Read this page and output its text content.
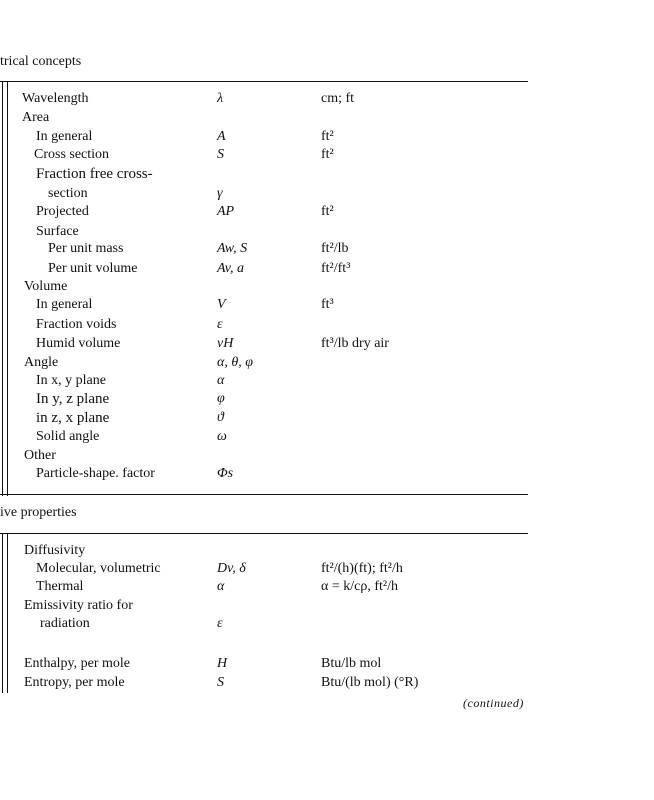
trical concepts
Wavelength	λ	cm; ft
Area
In general	A	ft²
Cross section	S	ft²
Fraction free cross-
section	γ
Projected	AP	ft²
Surface
Per unit mass	Aw, S	ft²/lb
Per unit volume	Av, a	ft²/ft³
Volume
In general	V	ft³
Fraction voids	ε
Humid volume	vH	ft³/lb dry air
Angle	α, θ, φ
In x, y plane	α
In y, z plane	φ
in z, x plane	ϑ
Solid angle	ω
Other
Particle-shape. factor	Φs
ive properties
Diffusivity
Molecular, volumetric	Dv, δ	ft²/(h)(ft); ft²/h
Thermal	α	α = k/cρ, ft²/h
Emissivity ratio for
radiation	ε
Enthalpy, per mole	H	Btu/lb mol
Entropy, per mole	S	Btu/(lb mol) (°R)
(continued)
